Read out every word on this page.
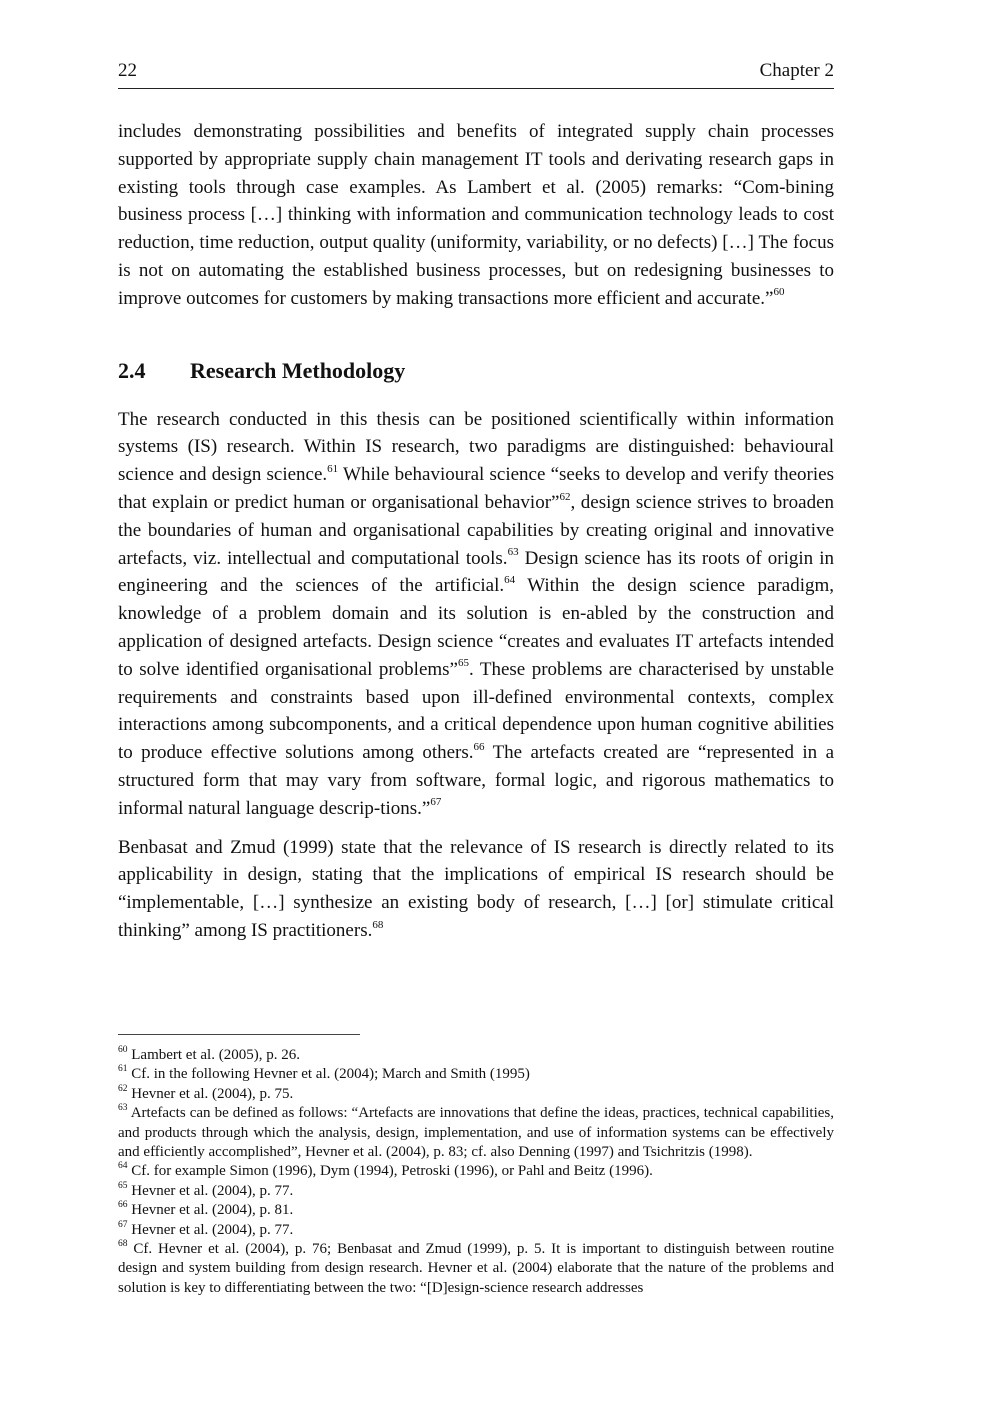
22	Chapter 2

includes demonstrating possibilities and benefits of integrated supply chain processes supported by appropriate supply chain management IT tools and derivating research gaps in existing tools through case examples. As Lambert et al. (2005) remarks: “Com-bining business process […] thinking with information and communication technology leads to cost reduction, time reduction, output quality (uniformity, variability, or no defects) […] The focus is not on automating the established business processes, but on redesigning businesses to improve outcomes for customers by making transactions more efficient and accurate.”$^{60}$

2.4 Research Methodology

The research conducted in this thesis can be positioned scientifically within information systems (IS) research. Within IS research, two paradigms are distinguished: behavioural science and design science.$^{61}$ While behavioural science “seeks to develop and verify theories that explain or predict human or organisational behavior”$^{62}$, design science strives to broaden the boundaries of human and organisational capabilities by creating original and innovative artefacts, viz. intellectual and computational tools.$^{63}$ Design science has its roots of origin in engineering and the sciences of the artificial.$^{64}$ Within the design science paradigm, knowledge of a problem domain and its solution is en-abled by the construction and application of designed artefacts. Design science “creates and evaluates IT artefacts intended to solve identified organisational problems”$^{65}$. These problems are characterised by unstable requirements and constraints based upon ill-defined environmental contexts, complex interactions among subcomponents, and a critical dependence upon human cognitive abilities to produce effective solutions among others.$^{66}$ The artefacts created are “represented in a structured form that may vary from software, formal logic, and rigorous mathematics to informal natural language descrip-tions.”$^{67}$

Benbasat and Zmud (1999) state that the relevance of IS research is directly related to its applicability in design, stating that the implications of empirical IS research should be “implementable, […] synthesize an existing body of research, […] [or] stimulate critical thinking” among IS practitioners.$^{68}$

$^{60}$ Lambert et al. (2005), p. 26.

$^{61}$ Cf. in the following Hevner et al. (2004); March and Smith (1995)

$^{62}$ Hevner et al. (2004), p. 75.

$^{63}$ Artefacts can be defined as follows: “Artefacts are innovations that define the ideas, practices, technical capabilities, and products through which the analysis, design, implementation, and use of information systems can be effectively and efficiently accomplished”, Hevner et al. (2004), p. 83; cf. also Denning (1997) and Tsichritzis (1998).

$^{64}$ Cf. for example Simon (1996), Dym (1994), Petroski (1996), or Pahl and Beitz (1996).

$^{65}$ Hevner et al. (2004), p. 77.

$^{66}$ Hevner et al. (2004), p. 81.

$^{67}$ Hevner et al. (2004), p. 77.

$^{68}$ Cf. Hevner et al. (2004), p. 76; Benbasat and Zmud (1999), p. 5. It is important to distinguish between routine design and system building from design research. Hevner et al. (2004) elaborate that the nature of the problems and solution is key to differentiating between the two: “[D]esign-science research addresses
